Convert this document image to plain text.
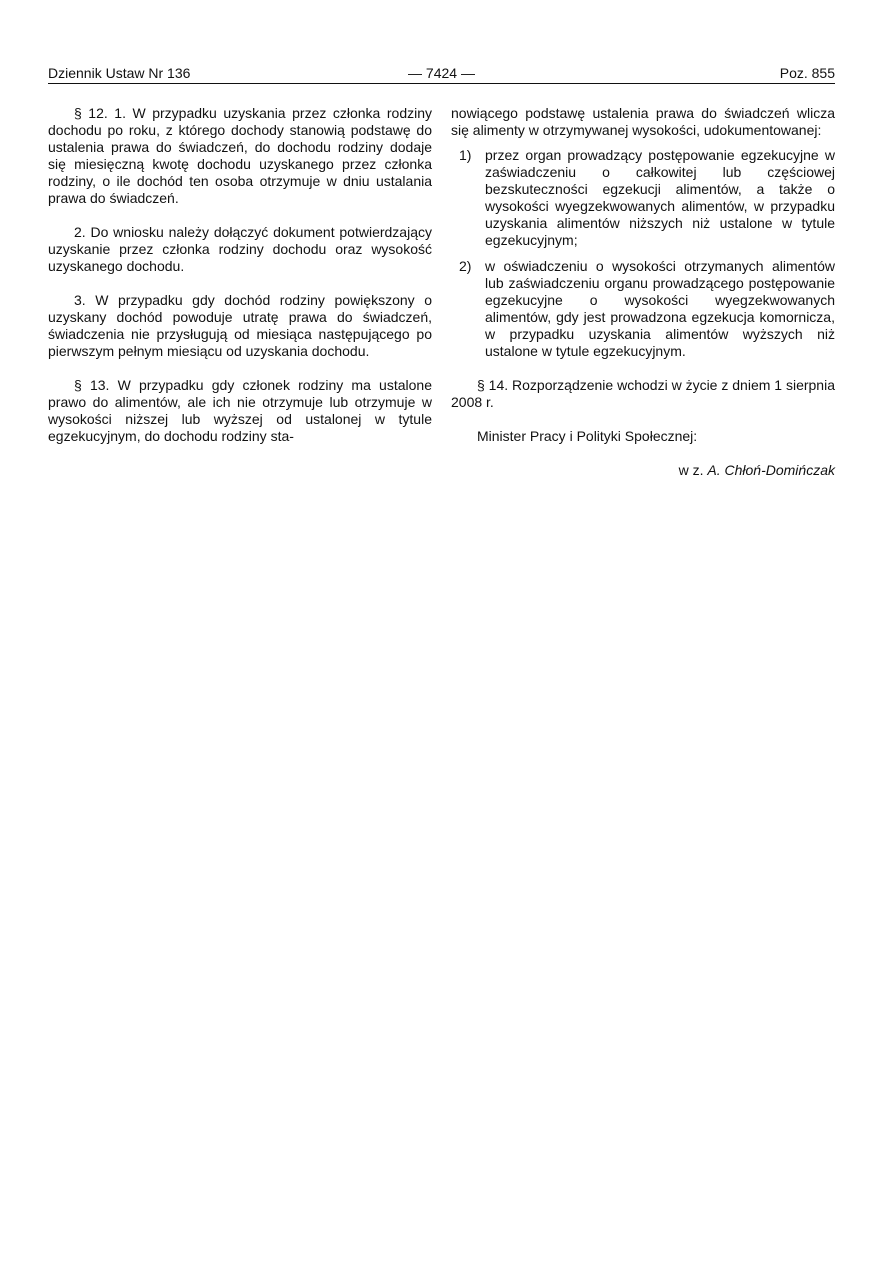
Dziennik Ustaw Nr 136	— 7424 —	Poz. 855

§ 12. 1. W przypadku uzyskania przez członka rodziny dochodu po roku, z którego dochody stanowią podstawę do ustalenia prawa do świadczeń, do dochodu rodziny dodaje się miesięczną kwotę dochodu uzyskanego przez członka rodziny, o ile dochód ten osoba otrzymuje w dniu ustalania prawa do świadczeń.

2. Do wniosku należy dołączyć dokument potwierdzający uzyskanie przez członka rodziny dochodu oraz wysokość uzyskanego dochodu.

3. W przypadku gdy dochód rodziny powiększony o uzyskany dochód powoduje utratę prawa do świadczeń, świadczenia nie przysługują od miesiąca następującego po pierwszym pełnym miesiącu od uzyskania dochodu.

§ 13. W przypadku gdy członek rodziny ma ustalone prawo do alimentów, ale ich nie otrzymuje lub otrzymuje w wysokości niższej lub wyższej od ustalonej w tytule egzekucyjnym, do dochodu rodziny sta-

nowiącego podstawę ustalenia prawa do świadczeń wlicza się alimenty w otrzymywanej wysokości, udokumentowanej:

1) przez organ prowadzący postępowanie egzekucyjne w zaświadczeniu o całkowitej lub częściowej bezskuteczności egzekucji alimentów, a także o wysokości wyegzekwowanych alimentów, w przypadku uzyskania alimentów niższych niż ustalone w tytule egzekucyjnym;
2) w oświadczeniu o wysokości otrzymanych alimentów lub zaświadczeniu organu prowadzącego postępowanie egzekucyjne o wysokości wyegzekwowanych alimentów, gdy jest prowadzona egzekucja komornicza, w przypadku uzyskania alimentów wyższych niż ustalone w tytule egzekucyjnym.

§ 14. Rozporządzenie wchodzi w życie z dniem 1 sierpnia 2008 r.

Minister Pracy i Polityki Społecznej:

w z. A. Chłoń-Domińczak
